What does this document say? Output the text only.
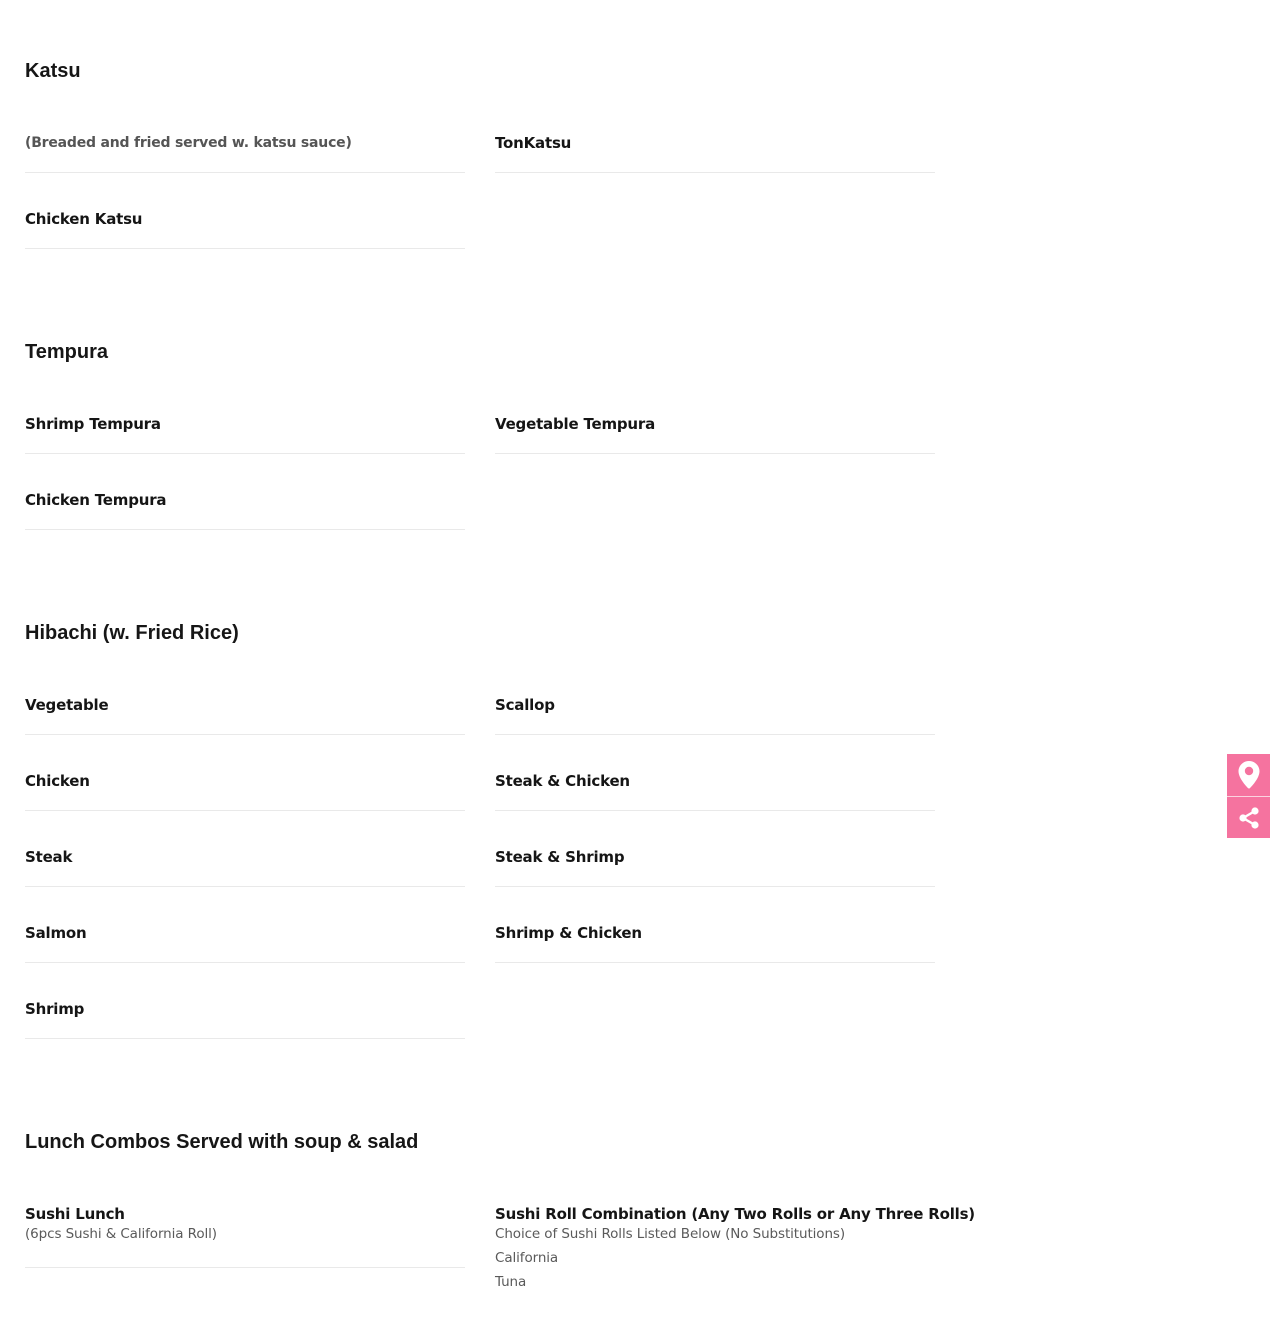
Katsu
(Breaded and fried served w. katsu sauce)	TonKatsu
Chicken Katsu
Tempura
Shrimp Tempura	Vegetable Tempura
Chicken Tempura
Hibachi (w. Fried Rice)
Vegetable	Scallop
Chicken	Steak & Chicken
Steak	Steak & Shrimp
Salmon	Shrimp & Chicken
Shrimp
Lunch Combos Served with soup & salad
Sushi Lunch
(6pcs Sushi & California Roll)
Sushi Roll Combination (Any Two Rolls or Any Three Rolls)
Choice of Sushi Rolls Listed Below (No Substitutions)
California
Tuna
